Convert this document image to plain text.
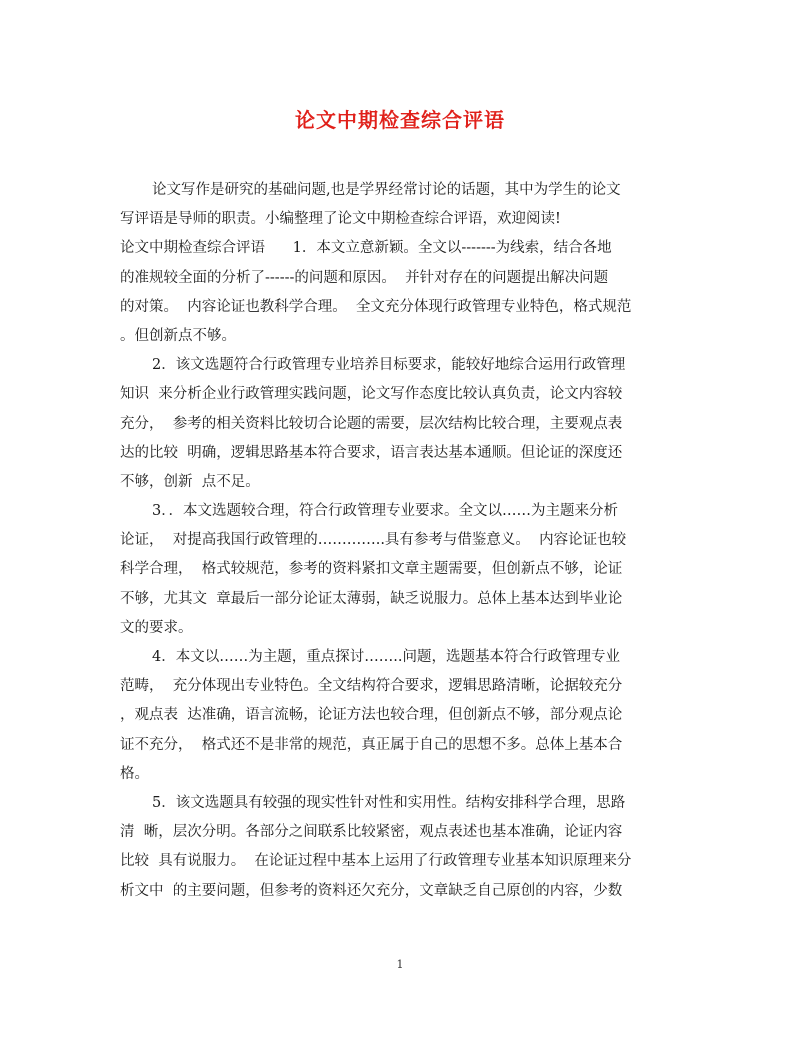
论文中期检查综合评语
论文写作是研究的基础问题,也是学界经常讨论的话题，其中为学生的论文
写评语是导师的职责。小编整理了论文中期检查综合评语，欢迎阅读!
论文中期检查综合评语      1．本文立意新颖。全文以-------为线索，结合各地
的准规较全面的分析了------的问题和原因。  并针对存在的问题提出解决问题
的对策。  内容论证也教科学合理。  全文充分体现行政管理专业特色，格式规范
。但创新点不够。
2．该文选题符合行政管理专业培养目标要求，能较好地综合运用行政管理
知识  来分析企业行政管理实践问题，论文写作态度比较认真负责，论文内容较
充分，  参考的相关资料比较切合论题的需要，层次结构比较合理，主要观点表
达的比较  明确，逻辑思路基本符合要求，语言表达基本通顺。但论证的深度还
不够，创新  点不足。
3．．本文选题较合理，符合行政管理专业要求。全文以……为主题来分析
论证，  对提高我国行政管理的…………..具有参考与借鉴意义。  内容论证也较
科学合理，  格式较规范，参考的资料紧扣文章主题需要，但创新点不够，论证
不够，尤其文  章最后一部分论证太薄弱，缺乏说服力。总体上基本达到毕业论
文的要求。
4．本文以……为主题，重点探讨……..问题，选题基本符合行政管理专业
范畴，  充分体现出专业特色。全文结构符合要求，逻辑思路清晰，论据较充分
，观点表  达准确，语言流畅，论证方法也较合理，但创新点不够，部分观点论
证不充分，  格式还不是非常的规范，真正属于自己的思想不多。总体上基本合
格。
5．该文选题具有较强的现实性针对性和实用性。结构安排科学合理，思路
清  晰，层次分明。各部分之间联系比较紧密，观点表述也基本准确，论证内容
比较  具有说服力。  在论证过程中基本上运用了行政管理专业基本知识原理来分
析文中  的主要问题，但参考的资料还欠充分，文章缺乏自己原创的内容，少数
1
